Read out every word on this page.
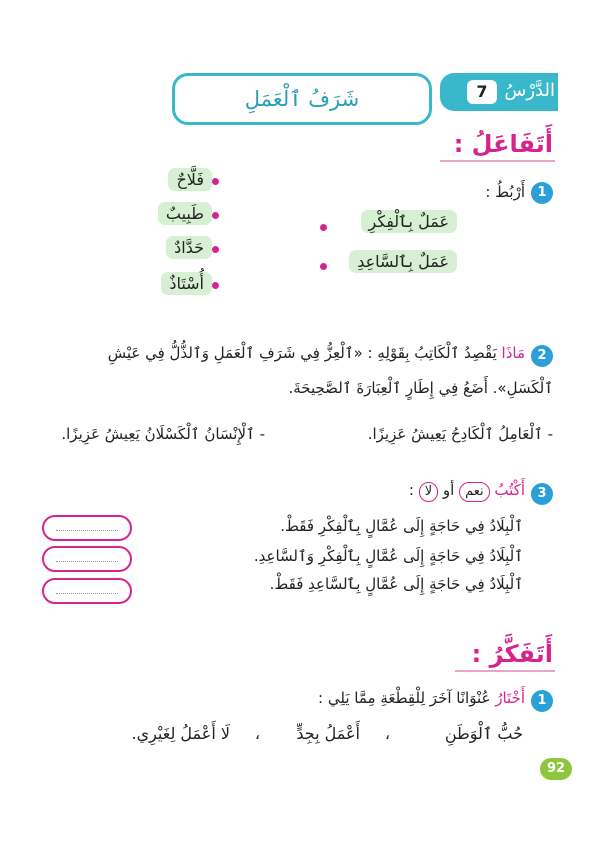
الدَّرْسُ
7
شَرَفُ ٱلْعَمَلِ
أَتَفَاعَلُ :
1
أَرْبُطُ :
فَلَّاحٌ
طَبِيبٌ
حَدَّادٌ
أُسْتَاذٌ
عَمَلٌ بِٱلْفِكْرِ
عَمَلٌ بِٱلسَّاعِدِ
2
مَاذَا يَقْصِدُ ٱلْكَاتِبُ بِقَوْلِهِ : «ٱلْعِزُّ فِي شَرَفِ ٱلْعَمَلِ وَٱلذُّلُّ فِي عَيْشِ
ٱلْكَسَلِ». أَضَعُ فِي إِطَارٍ ٱلْعِبَارَةَ ٱلصَّحِيحَةَ.
- ٱلْعَامِلُ ٱلْكَادِحُ يَعِيشُ عَزِيزًا.
- ٱلْإِنْسَانُ ٱلْكَسْلَانُ يَعِيشُ عَزِيزًا.
3
أَكْتُبُ نعم أو لا :
ٱلْبِلَادُ فِي حَاجَةٍ إِلَى عُمَّالٍ بِٱلْفِكْرِ فَقَطْ.
ٱلْبِلَادُ فِي حَاجَةٍ إِلَى عُمَّالٍ بِٱلْفِكْرِ وَٱلسَّاعِدِ.
ٱلْبِلَادُ فِي حَاجَةٍ إِلَى عُمَّالٍ بِٱلسَّاعِدِ فَقَطْ.
أَتَفَكَّرُ :
1
أَخْتَارُ عُنْوَانًا آخَرَ لِلْقِطْعَةِ مِمَّا يَلِي :
حُبُّ ٱلْوَطَنِ
،
أَعْمَلُ بِجِدٍّ
،
لَا أَعْمَلُ لِغَيْرِي.
92
